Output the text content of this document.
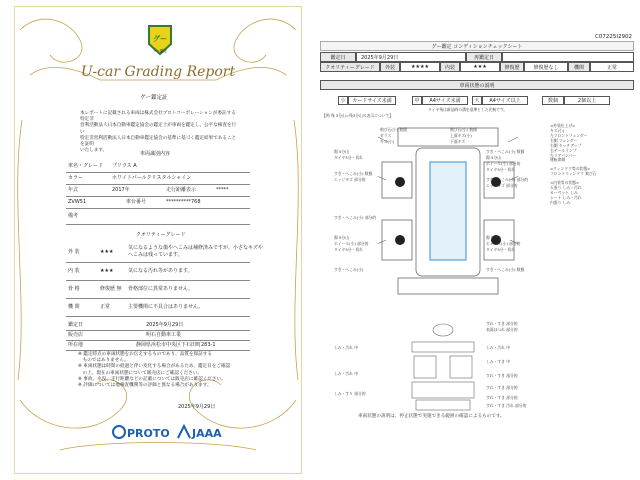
グー
グー鑑定
U-car Grading Report
グー鑑定証
本レポートに記載される車両は株式会社プロトコーポレーションが委託する特定非
営利活動法人日本自動車鑑定協会の鑑定士が車両を鑑定し、公平な検査を行い
特定非営利活動法人日本自動車鑑定協会の基準に基づく鑑定結果であることを証明
いたします。
車両識別内容
車名・グレード プリウス A
カラー	ホワイトパールクリスタルシャイン
年式	2017年	走行距離表示	*****
ZVW51	車台番号	**********768
備考
クオリティーグレード
外 装	★★★
気になるような傷やへこみは補修済みですが、小さなキズや
へこみは残っています。
内 装	★★★	気になる汚れ等があります。
骨 格	修復歴 無 骨格部位に異常ありません。
機 関	正常	主要機関に不具合はありません。
鑑定日	2025年9月29日
販売店	明石自動車工業
所在地	静岡県浜松市中央区下石田町283-1
※ 鑑定時点の車両状態をお伝えするものであり、品質を保証する
　ものではありません。
※ 車両状態は時間の経過と伴い変化する場合があるため、鑑定日をご確認
　の上、現在の車両状態について販売店にご確認ください。
※ 事故、水没、走行距離などの記載については販売店に確認ください。
※ 評価については他検査機関等の評価と異なる場合があります。
2025年9月29日
PROTO JAAA
C07225I2902
グー鑑定 コンディションチェックシート
鑑定日	2025年9月29日	再鑑定日
クオリティーグレード	外装	★★★★	内装	★★★	修復歴	修復歴なし	機関	正常
車両状態の説明
小	カードサイズ未満	中	A4サイズ未満	大	A4サイズ以上	数個	2個以上
タイヤ残は新品時の溝を基準とした比較です。
【例 残 3分山=残3分山の表示について】
飛び石(小) 数個
ガラス
キズ(小)
傷 5分山
タイヤ5分・切れ
すき・へこみ(小) 数個
エッジキズ 部分的
傷 5分山
ホイール(小) 部分的
タイヤ5分・切れ
すき・へこみ(小) 部分的
すき・へこみ(小)
飛び石(小) 数個
上面キズ(小)
下面キズ
すき・へこみ(小) 数個
傷 5分山
ホイール(小) 部分的
タイヤ5分・切れ
すき・へこみ(小) 部分的
エッジキズ 部分的
傷 5分山
ホイール(小) 部分的
タイヤ5分・切れ
すき・へこみ(小) 数個
<外装仕上げ>
キズ(小)
左フロントフェンダー
右側 フェンダー
右側 タッチアップ
右テールランプ
左リアバンパー
運転席側
<ウィンドウ等の状態>
フロントウィンドウ 飛び石
<内装等の状態>
天張り しみ・汚れ
カーペット しみ
シート しみ・汚れ
内張り しみ
しみ・汚れ 中
しみ・汚れ 中
しみ・すり 部分的
すれ・すき 部分的
表面ほつれ 部分的
しみ・汚れ 中
しみ・すき 中
すれ・すき 部分的
すれ・すき 部分的
すれ・すき 部分的
すれ・すき 汚れ 部分的
車両状態の説明は、停止状態で実施できる範囲の確認によるものです。
